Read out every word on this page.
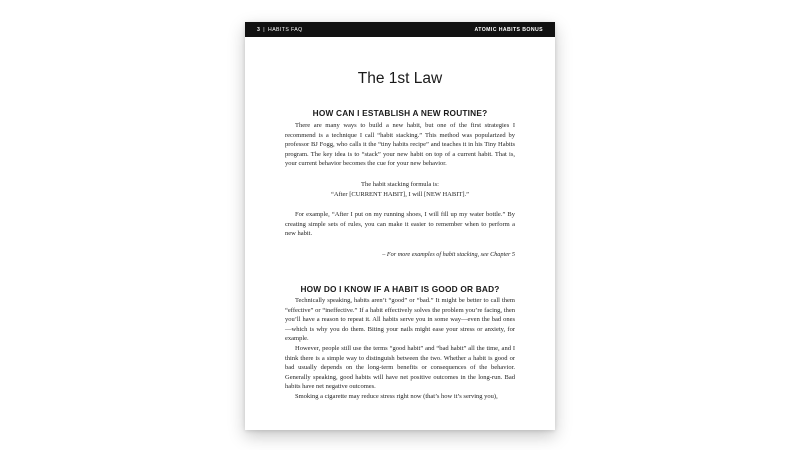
3 | HABITS FAQ	ATOMIC HABITS BONUS
The 1st Law
HOW CAN I ESTABLISH A NEW ROUTINE?

There are many ways to build a new habit, but one of the first strategies I recommend is a technique I call “habit stacking.” This method was popularized by professor BJ Fogg, who calls it the “tiny habits recipe” and teaches it in his Tiny Habits program. The key idea is to “stack” your new habit on top of a current habit. That is, your current behavior becomes the cue for your new behavior.

The habit stacking formula is:
“After [CURRENT HABIT], I will [NEW HABIT].”

For example, “After I put on my running shoes, I will fill up my water bottle.” By creating simple sets of rules, you can make it easier to remember when to perform a new habit.

– For more examples of habit stacking, see Chapter 5
HOW DO I KNOW IF A HABIT IS GOOD OR BAD?

Technically speaking, habits aren’t “good” or “bad.” It might be better to call them “effective” or “ineffective.” If a habit effectively solves the problem you’re facing, then you’ll have a reason to repeat it. All habits serve you in some way—even the bad ones—which is why you do them. Biting your nails might ease your stress or anxiety, for example.

However, people still use the terms “good habit” and “bad habit” all the time, and I think there is a simple way to distinguish between the two. Whether a habit is good or bad usually depends on the long-term benefits or consequences of the behavior. Generally speaking, good habits will have net positive outcomes in the long-run. Bad habits have net negative outcomes.

Smoking a cigarette may reduce stress right now (that’s how it’s serving you),
